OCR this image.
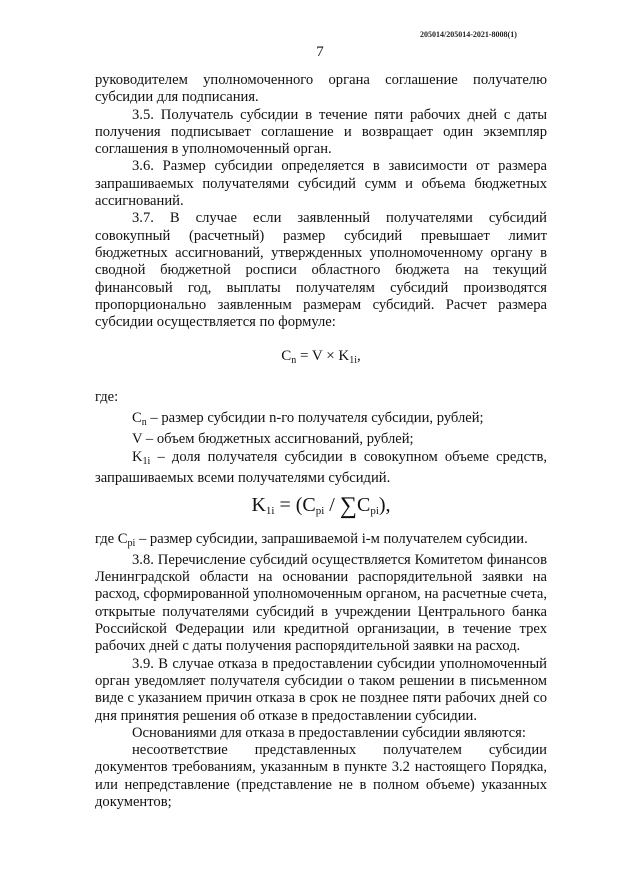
205014/205014-2021-8008(1)
7

руководителем уполномоченного органа соглашение получателю субсидии для подписания.

3.5. Получатель субсидии в течение пяти рабочих дней с даты получения подписывает соглашение и возвращает один экземпляр соглашения в уполномоченный орган.

3.6. Размер субсидии определяется в зависимости от размера запрашиваемых получателями субсидий сумм и объема бюджетных ассигнований.

3.7. В случае если заявленный получателями субсидий совокупный (расчетный) размер субсидий превышает лимит бюджетных ассигнований, утвержденных уполномоченному органу в сводной бюджетной росписи областного бюджета на текущий финансовый год, выплаты получателям субсидий производятся пропорционально заявленным размерам субсидий. Расчет размера субсидии осуществляется по формуле:

$C_n = V \times K_{1i}$,

где:

$C_n$ – размер субсидии n-го получателя субсидии, рублей;

V – объем бюджетных ассигнований, рублей;

$K_{1i}$ – доля получателя субсидии в совокупном объеме средств, запрашиваемых всеми получателями субсидий.

$K_{1i} = (C_{pi} / \sum C_{pi})$,

где $C_{pi}$ – размер субсидии, запрашиваемой i-м получателем субсидии.

3.8. Перечисление субсидий осуществляется Комитетом финансов Ленинградской области на основании распорядительной заявки на расход, сформированной уполномоченным органом, на расчетные счета, открытые получателями субсидий в учреждении Центрального банка Российской Федерации или кредитной организации, в течение трех рабочих дней с даты получения распорядительной заявки на расход.

3.9. В случае отказа в предоставлении субсидии уполномоченный орган уведомляет получателя субсидии о таком решении в письменном виде с указанием причин отказа в срок не позднее пяти рабочих дней со дня принятия решения об отказе в предоставлении субсидии.

Основаниями для отказа в предоставлении субсидии являются:

несоответствие представленных получателем субсидии документов требованиям, указанным в пункте 3.2 настоящего Порядка, или непредставление (представление не в полном объеме) указанных документов;
